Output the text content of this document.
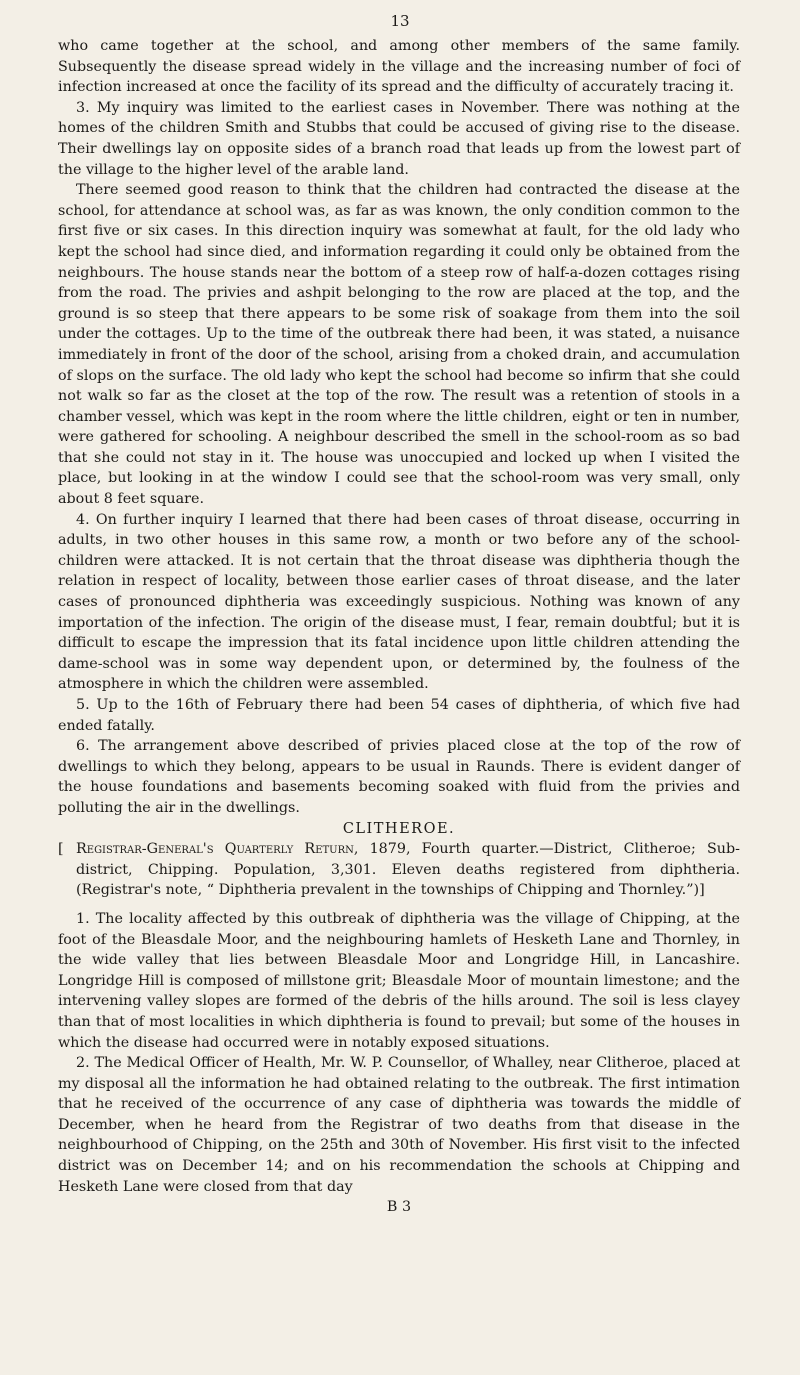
13

who came together at the school, and among other members of the same family. Subsequently the disease spread widely in the village and the increasing number of foci of infection increased at once the facility of its spread and the difficulty of accurately tracing it.

3. My inquiry was limited to the earliest cases in November. There was nothing at the homes of the children Smith and Stubbs that could be accused of giving rise to the disease. Their dwellings lay on opposite sides of a branch road that leads up from the lowest part of the village to the higher level of the arable land.

There seemed good reason to think that the children had contracted the disease at the school, for attendance at school was, as far as was known, the only condition common to the first five or six cases. In this direction inquiry was somewhat at fault, for the old lady who kept the school had since died, and information regarding it could only be obtained from the neighbours. The house stands near the bottom of a steep row of half-a-dozen cottages rising from the road. The privies and ashpit belonging to the row are placed at the top, and the ground is so steep that there appears to be some risk of soakage from them into the soil under the cottages. Up to the time of the outbreak there had been, it was stated, a nuisance immediately in front of the door of the school, arising from a choked drain, and accumulation of slops on the surface. The old lady who kept the school had become so infirm that she could not walk so far as the closet at the top of the row. The result was a retention of stools in a chamber vessel, which was kept in the room where the little children, eight or ten in number, were gathered for schooling. A neighbour described the smell in the school-room as so bad that she could not stay in it. The house was unoccupied and locked up when I visited the place, but looking in at the window I could see that the school-room was very small, only about 8 feet square.

4. On further inquiry I learned that there had been cases of throat disease, occurring in adults, in two other houses in this same row, a month or two before any of the school-children were attacked. It is not certain that the throat disease was diphtheria though the relation in respect of locality, between those earlier cases of throat disease, and the later cases of pronounced diphtheria was exceedingly suspicious. Nothing was known of any importation of the infection. The origin of the disease must, I fear, remain doubtful; but it is difficult to escape the impression that its fatal incidence upon little children attending the dame-school was in some way dependent upon, or determined by, the foulness of the atmosphere in which the children were assembled.

5. Up to the 16th of February there had been 54 cases of diphtheria, of which five had ended fatally.

6. The arrangement above described of privies placed close at the top of the row of dwellings to which they belong, appears to be usual in Raunds. There is evident danger of the house foundations and basements becoming soaked with fluid from the privies and polluting the air in the dwellings.

CLITHEROE.

[ Registrar-General's Quarterly Return, 1879, Fourth quarter.—District, Clitheroe; Sub-district, Chipping. Population, 3,301. Eleven deaths registered from diphtheria. (Registrar's note, “ Diphtheria prevalent in the townships of Chipping and Thornley.”)]

1. The locality affected by this outbreak of diphtheria was the village of Chipping, at the foot of the Bleasdale Moor, and the neighbouring hamlets of Hesketh Lane and Thornley, in the wide valley that lies between Bleasdale Moor and Longridge Hill, in Lancashire. Longridge Hill is composed of millstone grit; Bleasdale Moor of mountain limestone; and the intervening valley slopes are formed of the debris of the hills around. The soil is less clayey than that of most localities in which diphtheria is found to prevail; but some of the houses in which the disease had occurred were in notably exposed situations.

2. The Medical Officer of Health, Mr. W. P. Counsellor, of Whalley, near Clitheroe, placed at my disposal all the information he had obtained relating to the outbreak. The first intimation that he received of the occurrence of any case of diphtheria was towards the middle of December, when he heard from the Registrar of two deaths from that disease in the neighbourhood of Chipping, on the 25th and 30th of November. His first visit to the infected district was on December 14; and on his recommendation the schools at Chipping and Hesketh Lane were closed from that day

B 3
